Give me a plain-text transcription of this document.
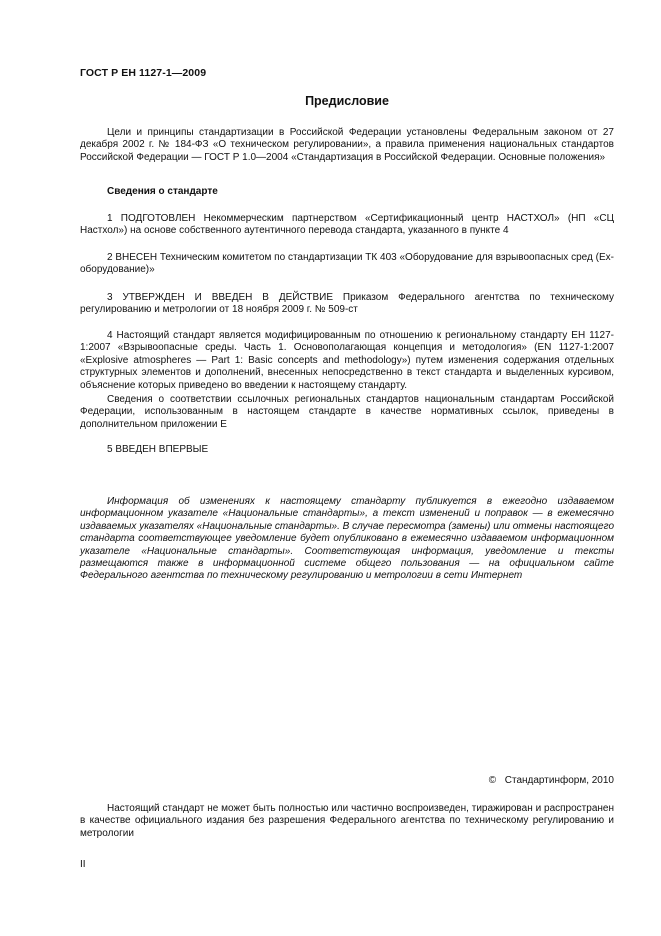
ГОСТ Р ЕН 1127-1—2009
Предисловие

Цели и принципы стандартизации в Российской Федерации установлены Федеральным законом от 27 декабря 2002 г. № 184-ФЗ «О техническом регулировании», а правила применения национальных стандартов Российской Федерации — ГОСТ Р 1.0—2004 «Стандартизация в Российской Федерации. Основные положения»

Сведения о стандарте

1 ПОДГОТОВЛЕН Некоммерческим партнерством «Сертификационный центр НАСТХОЛ» (НП «СЦ Настхол») на основе собственного аутентичного перевода стандарта, указанного в пункте 4

2 ВНЕСЕН Техническим комитетом по стандартизации ТК 403 «Оборудование для взрывоопасных сред (Ех-оборудование)»

3 УТВЕРЖДЕН И ВВЕДЕН В ДЕЙСТВИЕ Приказом Федерального агентства по техническому регулированию и метрологии от 18 ноября 2009 г. № 509-ст

4 Настоящий стандарт является модифицированным по отношению к региональному стандарту ЕН 1127-1:2007 «Взрывоопасные среды. Часть 1. Основополагающая концепция и методология» (EN 1127-1:2007 «Explosive atmospheres — Part 1: Basic concepts and methodology») путем изменения содержания отдельных структурных элементов и дополнений, внесенных непосредственно в текст стандарта и выделенных курсивом, объяснение которых приведено во введении к настоящему стандарту.

Сведения о соответствии ссылочных региональных стандартов национальным стандартам Российской Федерации, использованным в настоящем стандарте в качестве нормативных ссылок, приведены в дополнительном приложении Е

5 ВВЕДЕН ВПЕРВЫЕ

Информация об изменениях к настоящему стандарту публикуется в ежегодно издаваемом информационном указателе «Национальные стандарты», а текст изменений и поправок — в ежемесячно издаваемых указателях «Национальные стандарты». В случае пересмотра (замены) или отмены настоящего стандарта соответствующее уведомление будет опубликовано в ежемесячно издаваемом информационном указателе «Национальные стандарты». Соответствующая информация, уведомление и тексты размещаются также в информационной системе общего пользования — на официальном сайте Федерального агентства по техническому регулированию и метрологии в сети Интернет

© Стандартинформ, 2010

Настоящий стандарт не может быть полностью или частично воспроизведен, тиражирован и распространен в качестве официального издания без разрешения Федерального агентства по техническому регулированию и метрологии

II
